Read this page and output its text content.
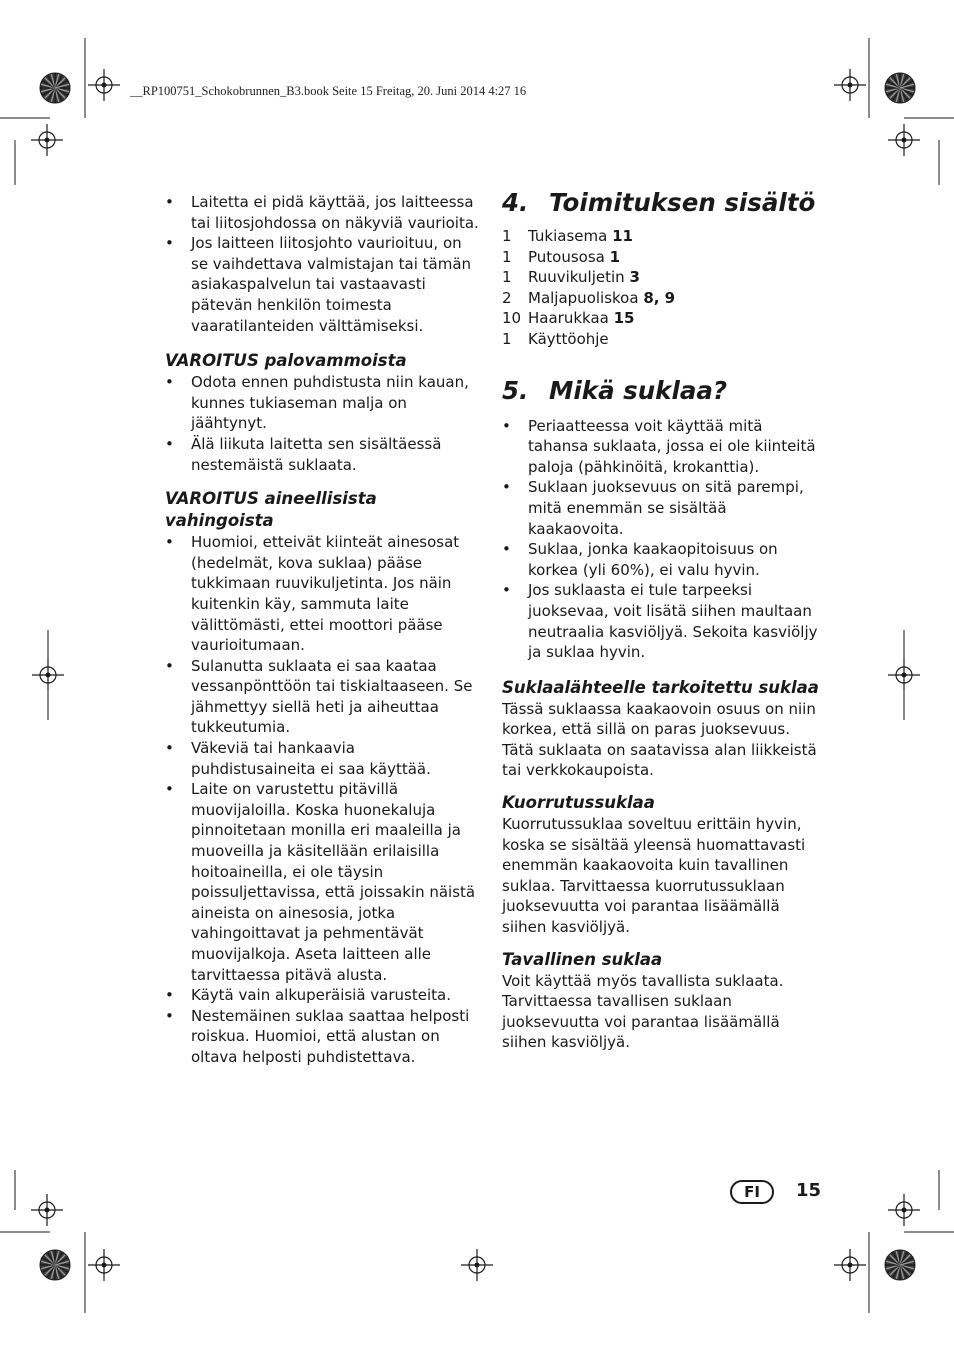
__RP100751_Schokobrunnen_B3.book Seite 15 Freitag, 20. Juni 2014 4:27 16

• Laitetta ei pidä käyttää, jos laitteessa tai liitosjohdossa on näkyviä vaurioita.

• Jos laitteen liitosjohto vaurioituu, on se vaihdettava valmistajan tai tämän asiakaspalvelun tai vastaavasti pätevän henkilön toimesta vaaratilanteiden välttämiseksi.

VAROITUS palovammoista

• Odota ennen puhdistusta niin kauan, kunnes tukiaseman malja on jäähtynyt.

• Älä liikuta laitetta sen sisältäessä nestemäistä suklaata.

VAROITUS aineellisista vahingoista

• Huomioi, etteivät kiinteät ainesosat (hedelmät, kova suklaa) pääse tukkimaan ruuvikuljetinta. Jos näin kuitenkin käy, sammuta laite välittömästi, ettei moottori pääse vaurioitumaan.

• Sulanutta suklaata ei saa kaataa vessanpönttöön tai tiskialtaaseen. Se jähmettyy siellä heti ja aiheuttaa tukkeutumia.

• Väkeviä tai hankaavia puhdistusaineita ei saa käyttää.

• Laite on varustettu pitävillä muovijaloilla. Koska huonekaluja pinnoitetaan monilla eri maaleilla ja muoveilla ja käsitellään erilaisilla hoitoaineilla, ei ole täysin poissuljettavissa, että joissakin näistä aineista on ainesosia, jotka vahingoittavat ja pehmentävät muovijalkoja. Aseta laitteen alle tarvittaessa pitävä alusta.

• Käytä vain alkuperäisiä varusteita.

• Nestemäinen suklaa saattaa helposti roiskua. Huomioi, että alustan on oltava helposti puhdistettava.

4. Toimituksen sisältö

1	Tukiasema 11

1	Putousosa 1

1	Ruuvikuljetin 3

2	Maljapuoliskoa 8, 9

10 Haarukkaa 15

1	Käyttöohje

5. Mikä suklaa?

• Periaatteessa voit käyttää mitä tahansa suklaata, jossa ei ole kiinteitä paloja (pähkinöitä, krokanttia).

• Suklaan juoksevuus on sitä parempi, mitä enemmän se sisältää kaakaovoita.

• Suklaa, jonka kaakaopitoisuus on korkea (yli 60%), ei valu hyvin.

• Jos suklaasta ei tule tarpeeksi juoksevaa, voit lisätä siihen maultaan neutraalia kasviöljyä. Sekoita kasviöljy ja suklaa hyvin.

Suklaalähteelle tarkoitettu suklaa

Tässä suklaassa kaakaovoin osuus on niin korkea, että sillä on paras juoksevuus. Tätä suklaata on saatavissa alan liikkeistä tai verkkokaupoista.

Kuorrutussuklaa

Kuorrutussuklaa soveltuu erittäin hyvin, koska se sisältää yleensä huomattavasti enemmän kaakaovoita kuin tavallinen suklaa. Tarvittaessa kuorrutussuklaan juoksevuutta voi parantaa lisäämällä siihen kasviöljyä.

Tavallinen suklaa

Voit käyttää myös tavallista suklaata. Tarvittaessa tavallisen suklaan juoksevuutta voi parantaa lisäämällä siihen kasviöljyä.

FI	15
